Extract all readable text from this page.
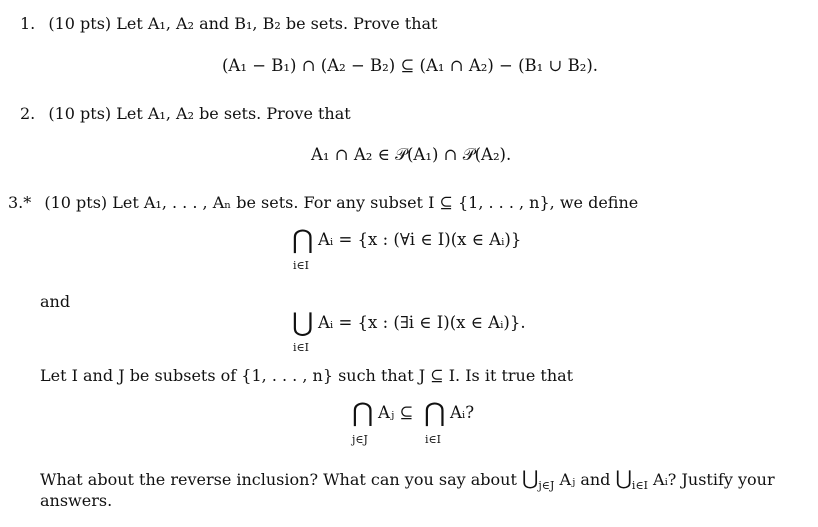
1. (10 pts) Let A₁, A₂ and B₁, B₂ be sets. Prove that
(A₁ − B₁) ∩ (A₂ − B₂) ⊆ (A₁ ∩ A₂) − (B₁ ∪ B₂).
2. (10 pts) Let A₁, A₂ be sets. Prove that
A₁ ∩ A₂ ∈ 𝒫(A₁) ∩ 𝒫(A₂).
3.* (10 pts) Let A₁, . . . , Aₙ be sets. For any subset I ⊆ {1, . . . , n}, we define
⋂ Aᵢ = {x : (∀i ∈ I)(x ∈ Aᵢ)}
i∈I
and
⋃ Aᵢ = {x : (∃i ∈ I)(x ∈ Aᵢ)}.
i∈I
Let I and J be subsets of {1, . . . , n} such that J ⊆ I. Is it true that
⋂ Aⱼ ⊆
j∈J
⋂ Aᵢ?
i∈I
What about the reverse inclusion? What can you say about $⋃_{j\in J}$ Aⱼ and $⋃_{i\in I}$ Aᵢ? Justify your
answers.
